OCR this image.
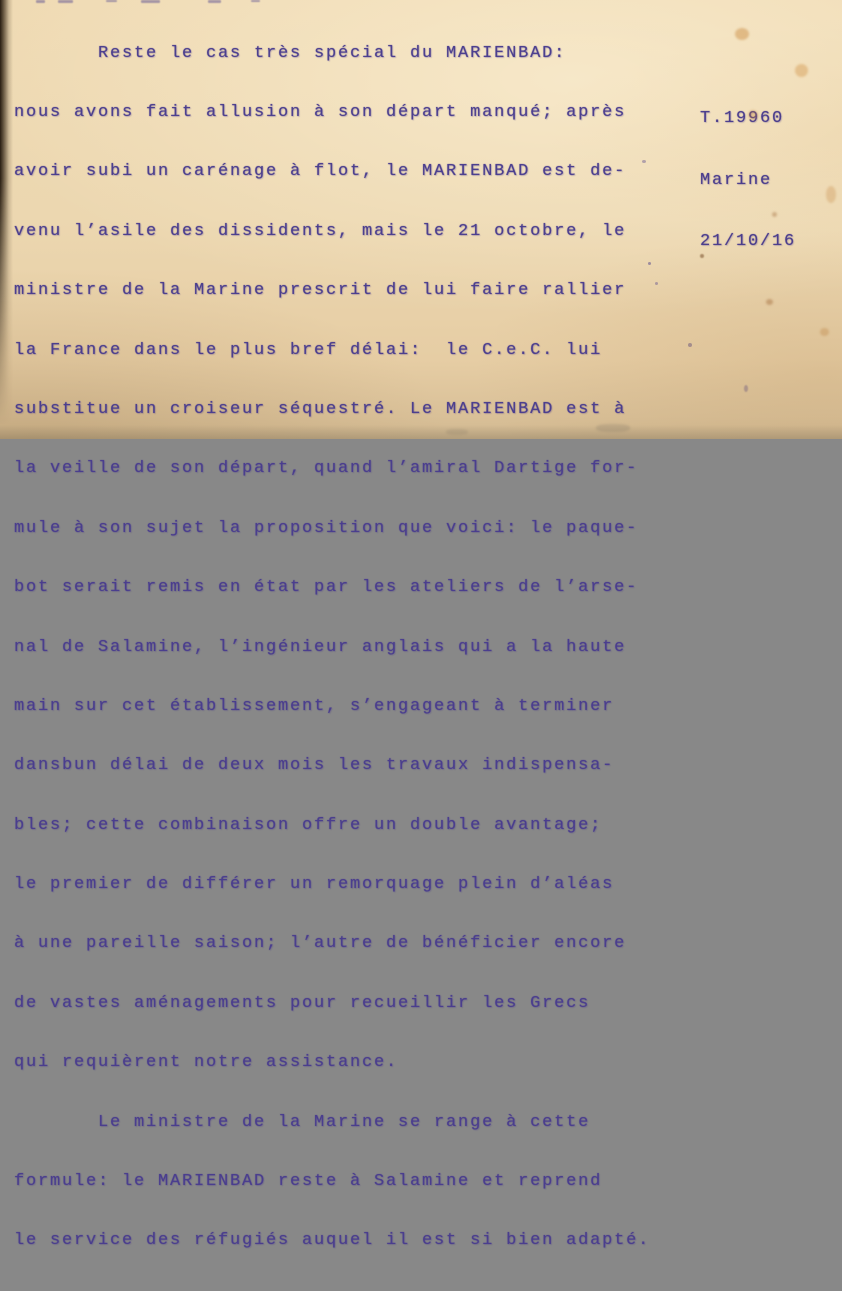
Reste le cas très spécial du MARIENBAD:

nous avons fait allusion à son départ manqué; après

avoir subi un carénage à flot, le MARIENBAD est de-

venu l’asile des dissidents, mais le 21 octobre, le

ministre de la Marine prescrit de lui faire rallier

la France dans le plus bref délai:  le C.e.C. lui

substitue un croiseur séquestré. Le MARIENBAD est à

la veille de son départ, quand l’amiral Dartige for-

mule à son sujet la proposition que voici: le paque-

bot serait remis en état par les ateliers de l’arse-

nal de Salamine, l’ingénieur anglais qui a la haute

main sur cet établissement, s’engageant à terminer

dansbun délai de deux mois les travaux indispensa-

bles; cette combinaison offre un double avantage;

le premier de différer un remorquage plein d’aléas

à une pareille saison; l’autre de bénéficier encore

de vastes aménagements pour recueillir les Grecs

qui requièrent notre assistance.

Le ministre de la Marine se range à cette

formule: le MARIENBAD reste à Salamine et reprend

le service des réfugiés auquel il est si bien adapté.

T.19960

Marine

21/10/16
